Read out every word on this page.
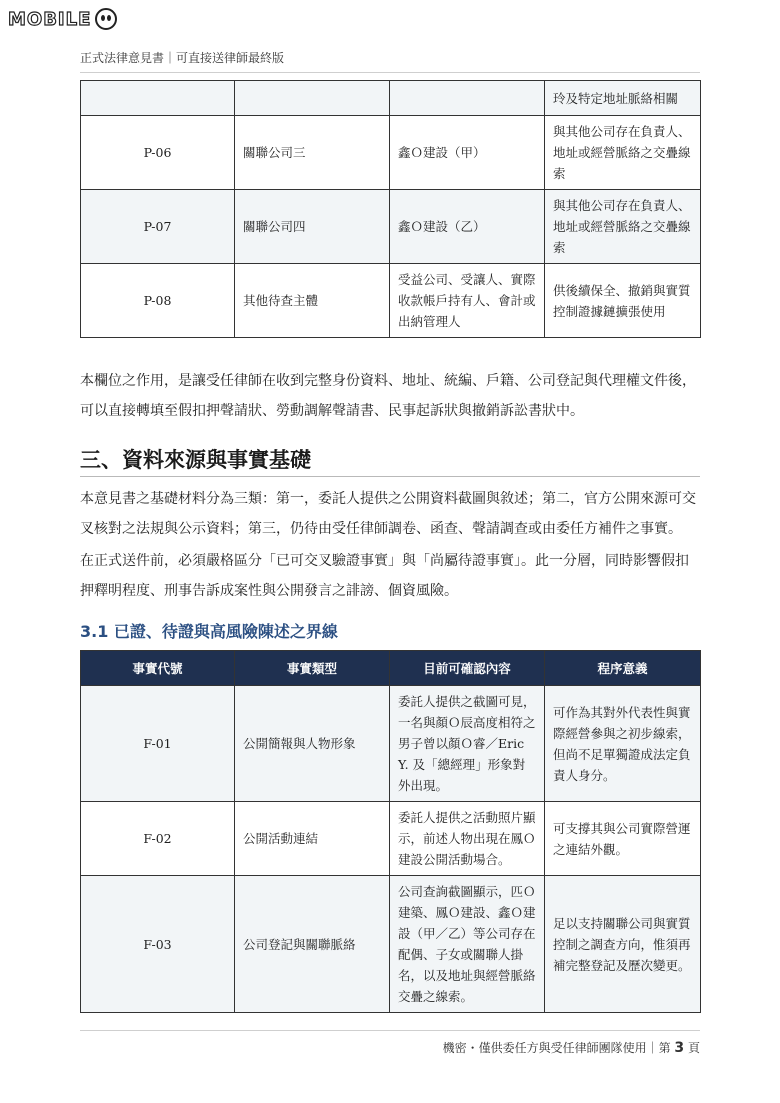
MOBILE
正式法律意見書｜可直接送律師最終版
			玲及特定地址脈絡相關
P-06	關聯公司三	鑫Ｏ建設（甲）	與其他公司存在負責人、地址或經營脈絡之交疊線索
P-07	關聯公司四	鑫Ｏ建設（乙）	與其他公司存在負責人、地址或經營脈絡之交疊線索
P-08	其他待查主體	受益公司、受讓人、實際收款帳戶持有人、會計或出納管理人	供後續保全、撤銷與實質控制證據鏈擴張使用
本欄位之作用，是讓受任律師在收到完整身份資料、地址、統編、戶籍、公司登記與代理權文件後，可以直接轉填至假扣押聲請狀、勞動調解聲請書、民事起訴狀與撤銷訴訟書狀中。
三、資料來源與事實基礎
本意見書之基礎材料分為三類：第一，委託人提供之公開資料截圖與敘述；第二，官方公開來源可交叉核對之法規與公示資料；第三，仍待由受任律師調卷、函查、聲請調查或由委任方補件之事實。
在正式送件前，必須嚴格區分「已可交叉驗證事實」與「尚屬待證事實」。此一分層，同時影響假扣押釋明程度、刑事告訴成案性與公開發言之誹謗、個資風險。
3.1 已證、待證與高風險陳述之界線
事實代號	事實類型	目前可確認內容	程序意義
F-01	公開簡報與人物形象	委託人提供之截圖可見，一名與顏Ｏ辰高度相符之男子曾以顏Ｏ睿／Eric Y. 及「總經理」形象對外出現。	可作為其對外代表性與實際經營參與之初步線索，但尚不足單獨證成法定負責人身分。
F-02	公開活動連結	委託人提供之活動照片顯示，前述人物出現在鳳Ｏ建設公開活動場合。	可支撐其與公司實際營運之連結外觀。
F-03	公司登記與關聯脈絡	公司查詢截圖顯示，匹Ｏ建築、鳳Ｏ建設、鑫Ｏ建設（甲／乙）等公司存在配偶、子女或關聯人掛名，以及地址與經營脈絡交疊之線索。	足以支持關聯公司與實質控制之調查方向，惟須再補完整登記及歷次變更。
機密・僅供委任方與受任律師團隊使用｜第 3 頁
